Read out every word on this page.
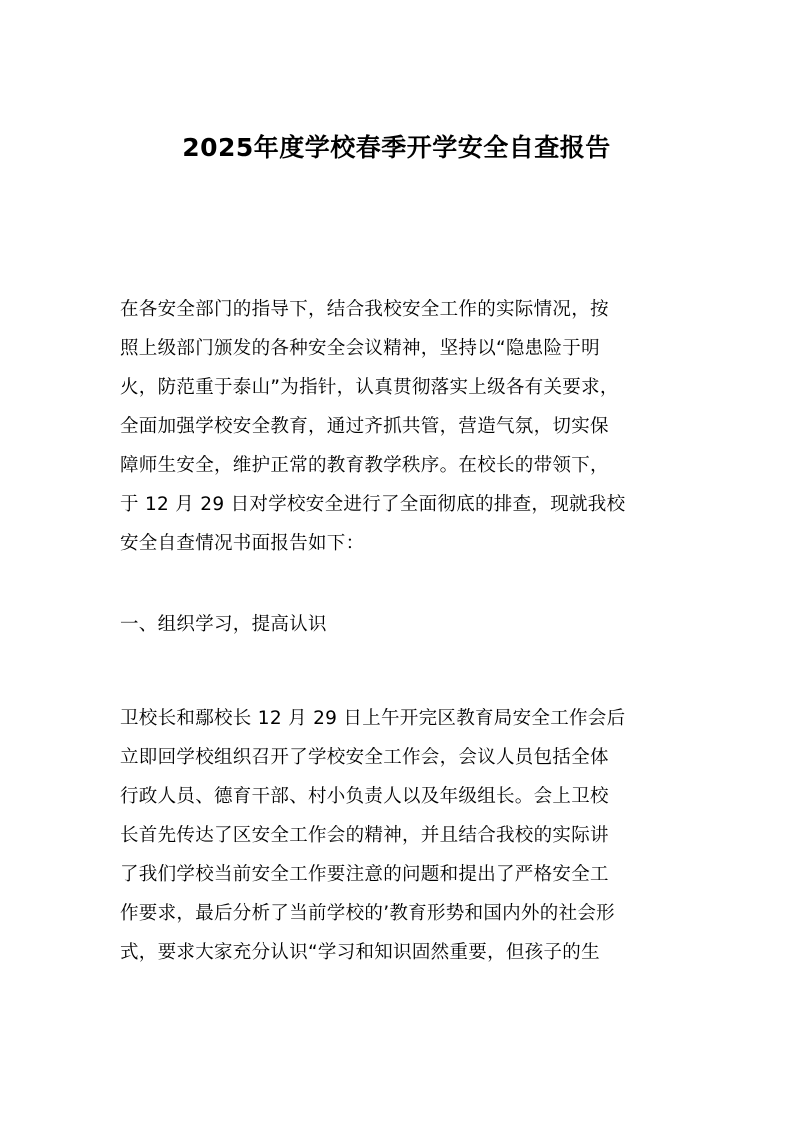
2025年度学校春季开学安全自查报告

在各安全部门的指导下，结合我校安全工作的实际情况，按

照上级部门颁发的各种安全会议精神，坚持以“隐患险于明

火，防范重于泰山”为指针，认真贯彻落实上级各有关要求，

全面加强学校安全教育，通过齐抓共管，营造气氛，切实保

障师生安全，维护正常的教育教学秩序。在校长的带领下，

于 12 月 29 日对学校安全进行了全面彻底的排查，现就我校

安全自查情况书面报告如下：

一、组织学习，提高认识

卫校长和鄢校长 12 月 29 日上午开完区教育局安全工作会后

立即回学校组织召开了学校安全工作会，会议人员包括全体

行政人员、德育干部、村小负责人以及年级组长。会上卫校

长首先传达了区安全工作会的精神，并且结合我校的实际讲

了我们学校当前安全工作要注意的问题和提出了严格安全工

作要求，最后分析了当前学校的’教育形势和国内外的社会形

式，要求大家充分认识“学习和知识固然重要，但孩子的生
